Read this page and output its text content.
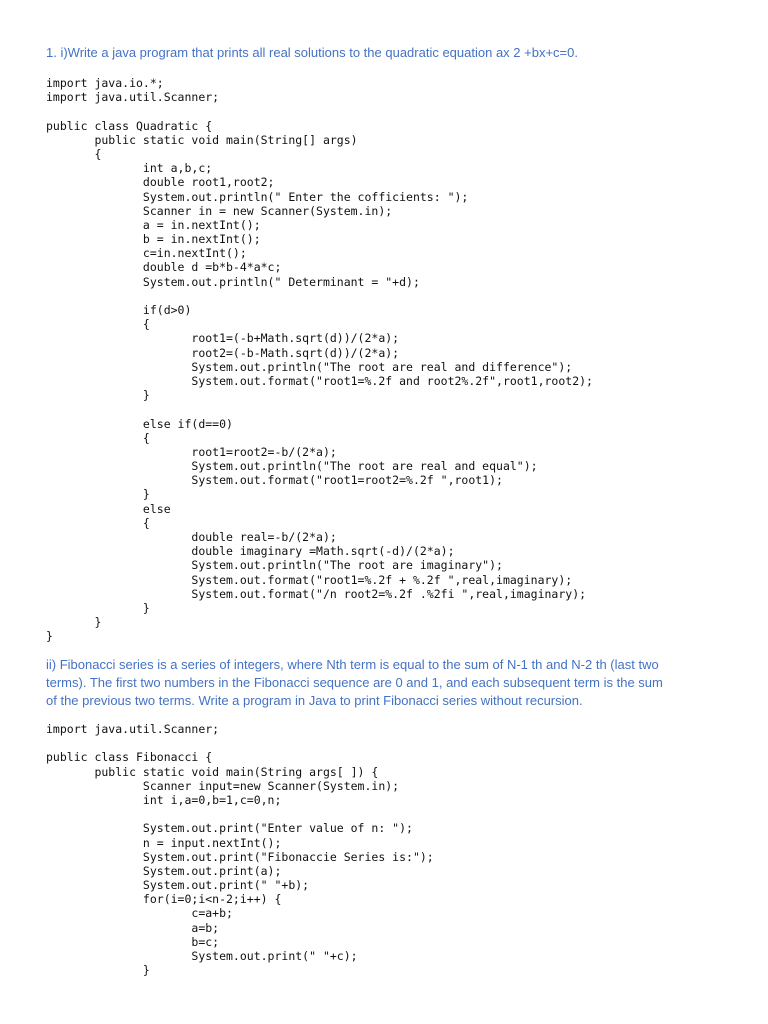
1. i)Write a java program that prints all real solutions to the quadratic equation ax 2 +bx+c=0.

import java.io.*;
import java.util.Scanner;
public class Quadratic {
public static void main(String[] args)
{
int a,b,c;
double root1,root2;
System.out.println(" Enter the cofficients: ");
Scanner in = new Scanner(System.in);
a = in.nextInt();
b = in.nextInt();
c=in.nextInt();
double d =b*b-4*a*c;
System.out.println(" Determinant = "+d);
if(d>0)
{
root1=(-b+Math.sqrt(d))/(2*a);
root2=(-b-Math.sqrt(d))/(2*a);
System.out.println("The root are real and difference");
System.out.format("root1=%.2f and root2%.2f",root1,root2);
}
else if(d==0)
{
root1=root2=-b/(2*a);
System.out.println("The root are real and equal");
System.out.format("root1=root2=%.2f ",root1);
}
else
{
double real=-b/(2*a);
double imaginary =Math.sqrt(-d)/(2*a);
System.out.println("The root are imaginary");
System.out.format("root1=%.2f + %.2f ",real,imaginary);
System.out.format("/n root2=%.2f .%2fi ",real,imaginary);
}
}
}
ii) Fibonacci series is a series of integers, where Nth term is equal to the sum of N-1 th and N-2 th (last two
terms). The first two numbers in the Fibonacci sequence are 0 and 1, and each subsequent term is the sum
of the previous two terms. Write a program in Java to print Fibonacci series without recursion.
import java.util.Scanner;
public class Fibonacci {
public static void main(String args[ ]) {
Scanner input=new Scanner(System.in);
int i,a=0,b=1,c=0,n;
System.out.print("Enter value of n: ");
n = input.nextInt();
System.out.print("Fibonaccie Series is:");
System.out.print(a);
System.out.print(" "+b);
for(i=0;i<n-2;i++) {
c=a+b;
a=b;
b=c;
System.out.print(" "+c);
}
